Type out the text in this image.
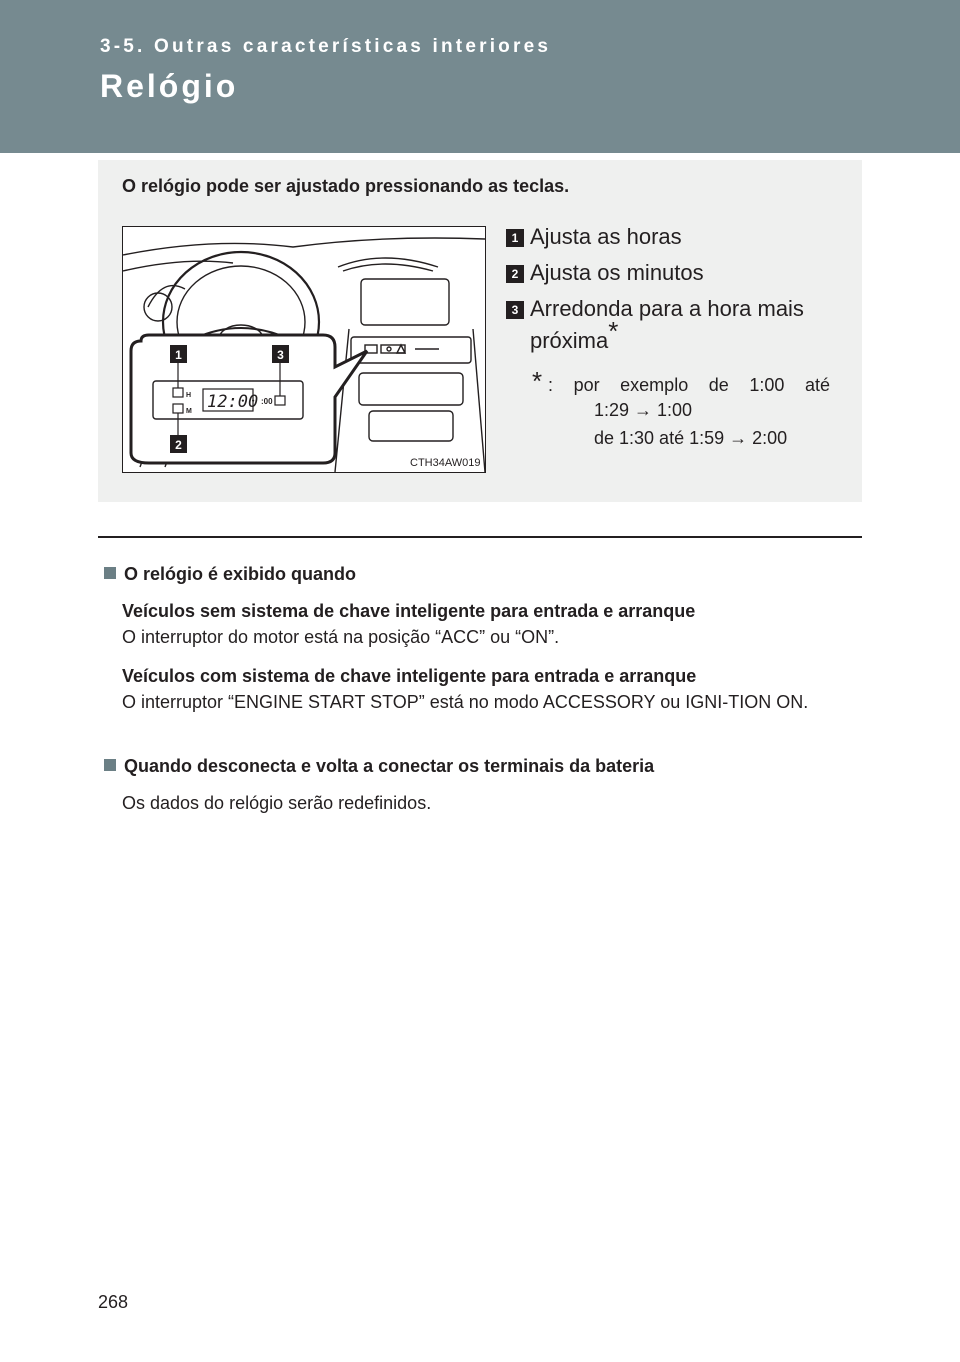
3-5. Outras características interiores
Relógio
O relógio pode ser ajustado pressionando as teclas.
H
M 12:00 :00
1	3
2
CTH34AW019
1 Ajusta as horas
2 Ajusta os minutos
3 Arredonda para a hora mais
próxima*
* : por exemplo de 1:00 até
1:29 → 1:00
de 1:30 até 1:59 → 2:00
O relógio é exibido quando
Veículos sem sistema de chave inteligente para entrada e arranque
O interruptor do motor está na posição “ACC” ou “ON”.
Veículos com sistema de chave inteligente para entrada e arranque
O interruptor “ENGINE START STOP” está no modo ACCESSORY ou IGNI-TION ON.
Quando desconecta e volta a conectar os terminais da bateria
Os dados do relógio serão redefinidos.
268
